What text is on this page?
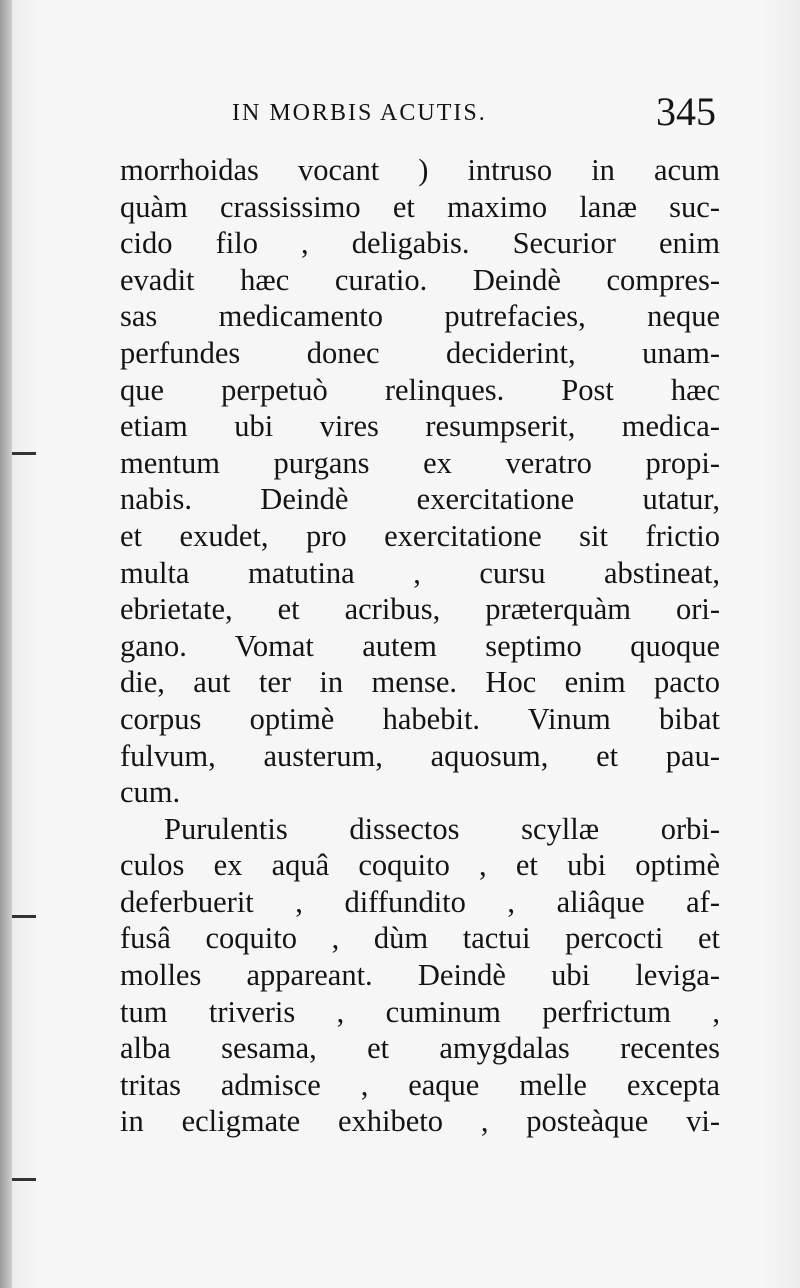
IN MORBIS ACUTIS.	345
morrhoidas vocant ) intruso in acum
quàm crassissimo et maximo lanæ suc-
cido filo , deligabis. Securior enim
evadit hæc curatio. Deindè compres-
sas medicamento putrefacies, neque
perfundes donec deciderint, unam-
que perpetuò relinques. Post hæc
etiam ubi vires resumpserit, medica-
mentum purgans ex veratro propi-
nabis. Deindè exercitatione utatur,
et exudet, pro exercitatione sit frictio
multa matutina , cursu abstineat,
ebrietate, et acribus, præterquàm ori-
gano. Vomat autem septimo quoque
die, aut ter in mense. Hoc enim pacto
corpus optimè habebit. Vinum bibat
fulvum, austerum, aquosum, et pau-
cum.
Purulentis dissectos scyllæ orbi-
culos ex aquâ coquito , et ubi optimè
deferbuerit , diffundito , aliâque af-
fusâ coquito , dùm tactui percocti et
molles appareant. Deindè ubi leviga-
tum triveris , cuminum perfrictum ,
alba sesama, et amygdalas recentes
tritas admisce , eaque melle excepta
in ecligmate exhibeto , posteàque vi-
